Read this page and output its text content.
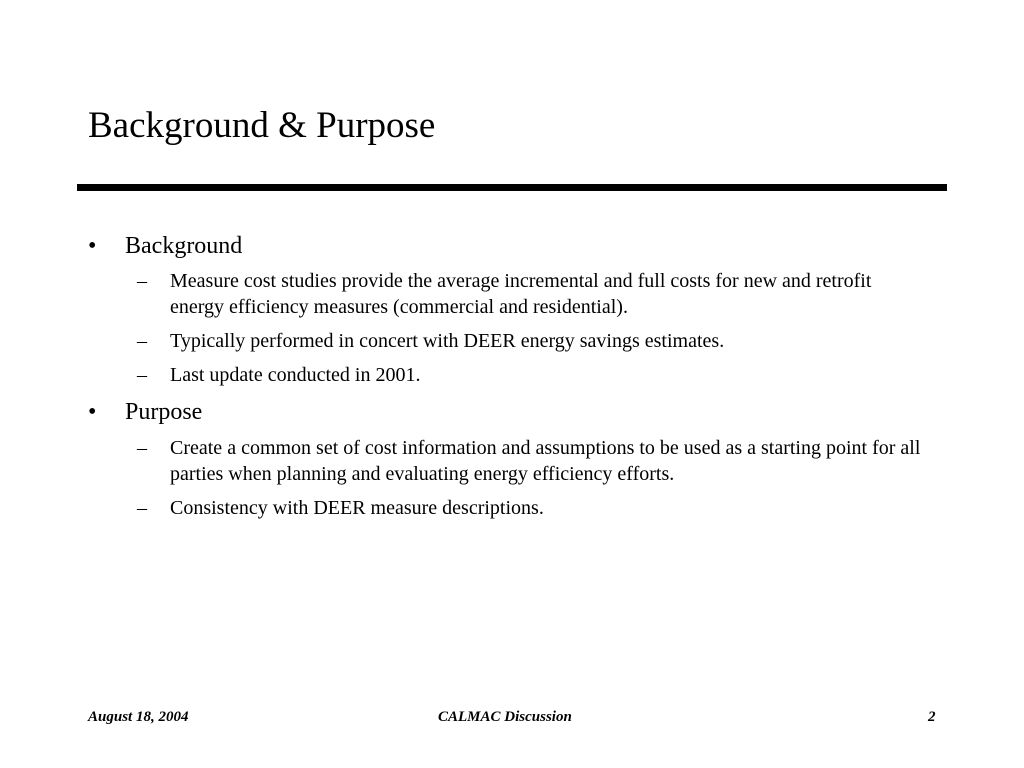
Background & Purpose
• Background
– Measure cost studies provide the average incremental and full costs for new and retrofit energy efficiency measures (commercial and residential).
– Typically performed in concert with DEER energy savings estimates.
– Last update conducted in 2001.
• Purpose
– Create a common set of cost information and assumptions to be used as a starting point for all parties when planning and evaluating energy efficiency efforts.
– Consistency with DEER measure descriptions.
August 18, 2004	CALMAC Discussion	2
